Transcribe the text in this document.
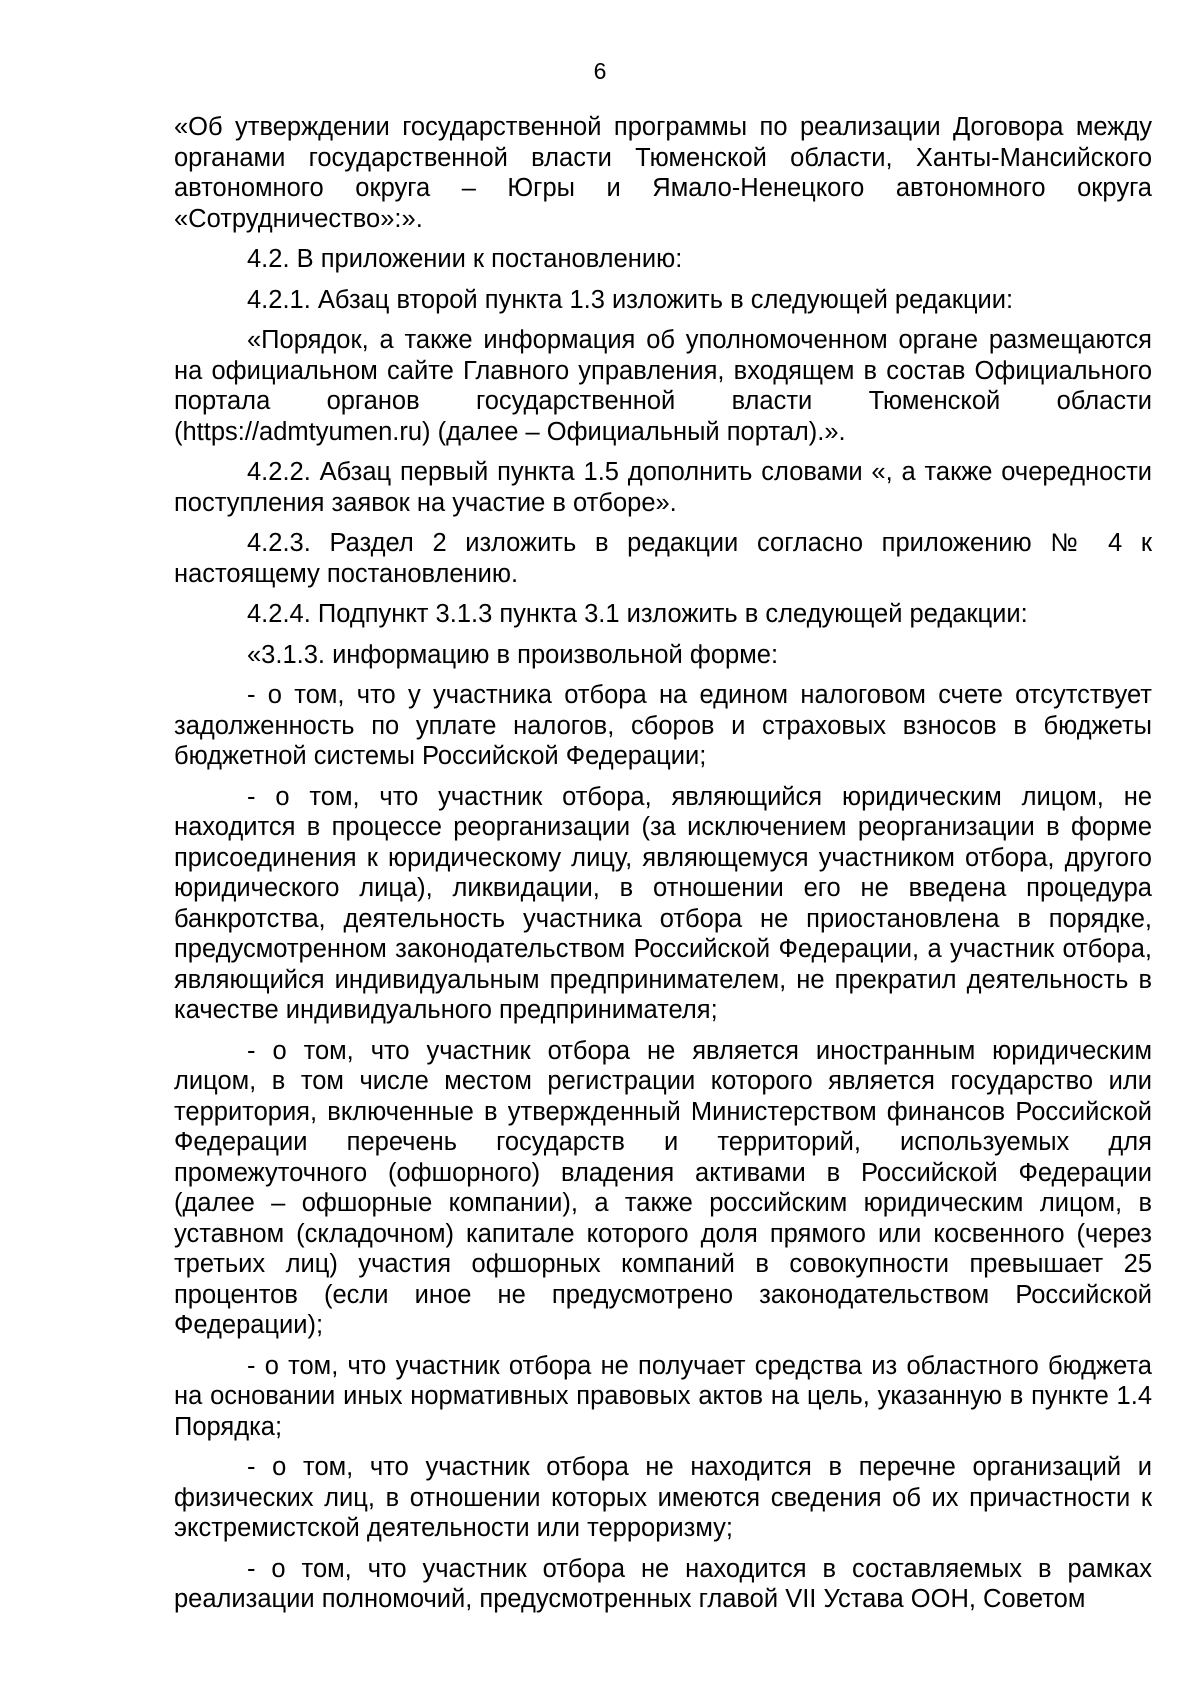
6

«Об утверждении государственной программы по реализации Договора между органами государственной власти Тюменской области, Ханты-Мансийского автономного округа – Югры и Ямало-Ненецкого автономного округа «Сотрудничество»:».

4.2. В приложении к постановлению:

4.2.1. Абзац второй пункта 1.3 изложить в следующей редакции:

«Порядок, а также информация об уполномоченном органе размещаются на официальном сайте Главного управления, входящем в состав Официального портала органов государственной власти Тюменской области (https://admtyumen.ru) (далее – Официальный портал).».

4.2.2. Абзац первый пункта 1.5 дополнить словами «, а также очередности поступления заявок на участие в отборе».

4.2.3. Раздел 2 изложить в редакции согласно приложению № 4 к настоящему постановлению.

4.2.4. Подпункт 3.1.3 пункта 3.1 изложить в следующей редакции:

«3.1.3. информацию в произвольной форме:

- о том, что у участника отбора на едином налоговом счете отсутствует задолженность по уплате налогов, сборов и страховых взносов в бюджеты бюджетной системы Российской Федерации;

- о том, что участник отбора, являющийся юридическим лицом, не находится в процессе реорганизации (за исключением реорганизации в форме присоединения к юридическому лицу, являющемуся участником отбора, другого юридического лица), ликвидации, в отношении его не введена процедура банкротства, деятельность участника отбора не приостановлена в порядке, предусмотренном законодательством Российской Федерации, а участник отбора, являющийся индивидуальным предпринимателем, не прекратил деятельность в качестве индивидуального предпринимателя;

- о том, что участник отбора не является иностранным юридическим лицом, в том числе местом регистрации которого является государство или территория, включенные в утвержденный Министерством финансов Российской Федерации перечень государств и территорий, используемых для промежуточного (офшорного) владения активами в Российской Федерации (далее – офшорные компании), а также российским юридическим лицом, в уставном (складочном) капитале которого доля прямого или косвенного (через третьих лиц) участия офшорных компаний в совокупности превышает 25 процентов (если иное не предусмотрено законодательством Российской Федерации);

- о том, что участник отбора не получает средства из областного бюджета на основании иных нормативных правовых актов на цель, указанную в пункте 1.4 Порядка;

- о том, что участник отбора не находится в перечне организаций и физических лиц, в отношении которых имеются сведения об их причастности к экстремистской деятельности или терроризму;

- о том, что участник отбора не находится в составляемых в рамках реализации полномочий, предусмотренных главой VII Устава ООН, Советом
